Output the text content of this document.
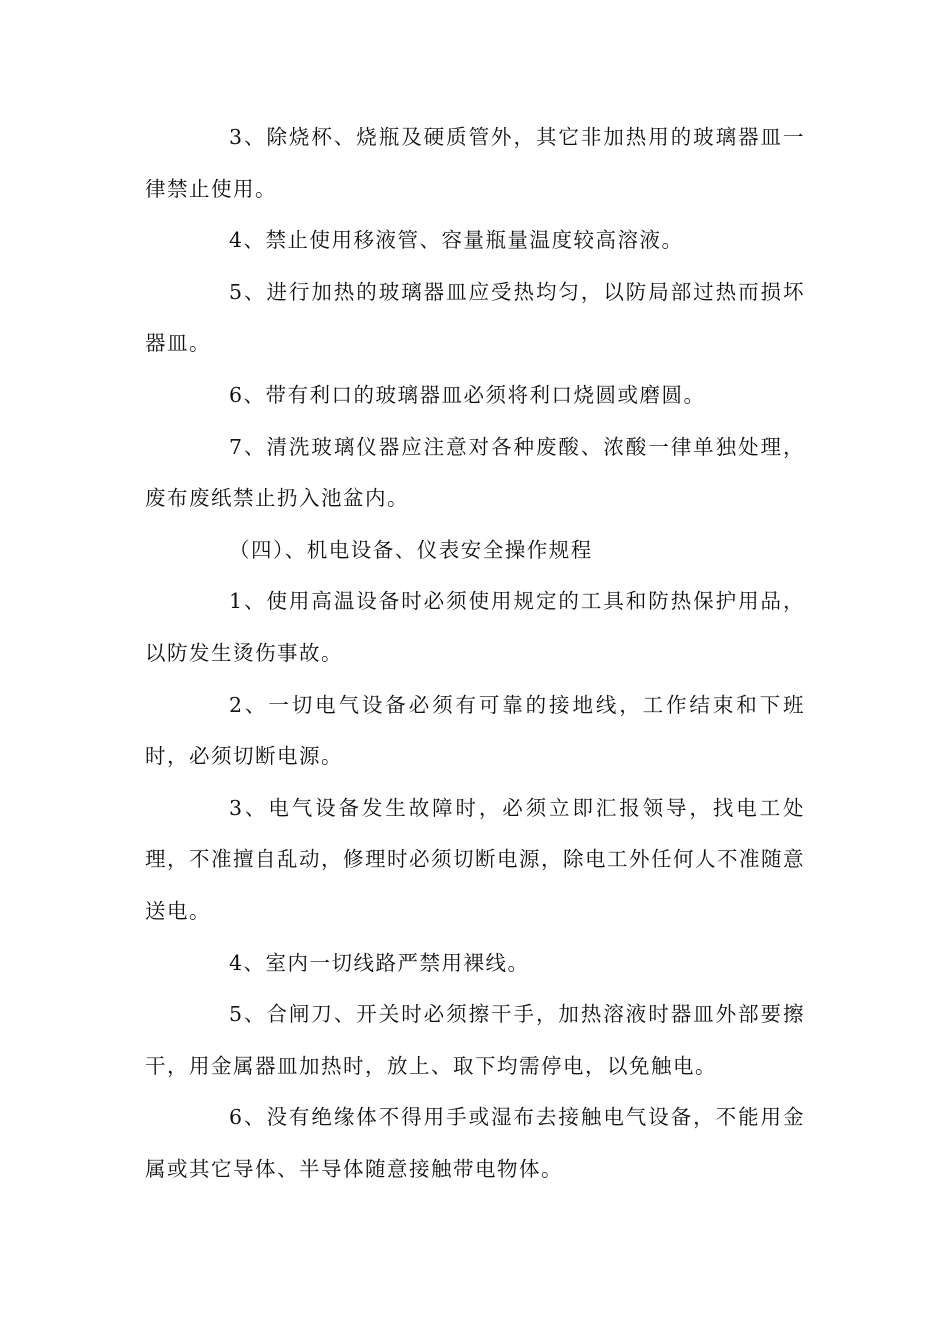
3、除烧杯、烧瓶及硬质管外，其它非加热用的玻璃器皿一律禁止使用。

4、禁止使用移液管、容量瓶量温度较高溶液。

5、进行加热的玻璃器皿应受热均匀，以防局部过热而损坏器皿。

6、带有利口的玻璃器皿必须将利口烧圆或磨圆。

7、清洗玻璃仪器应注意对各种废酸、浓酸一律单独处理，废布废纸禁止扔入池盆内。

（四）、机电设备、仪表安全操作规程

1、使用高温设备时必须使用规定的工具和防热保护用品，以防发生烫伤事故。

2、一切电气设备必须有可靠的接地线，工作结束和下班时，必须切断电源。

3、电气设备发生故障时，必须立即汇报领导，找电工处理，不准擅自乱动，修理时必须切断电源，除电工外任何人不准随意送电。

4、室内一切线路严禁用裸线。

5、合闸刀、开关时必须擦干手，加热溶液时器皿外部要擦干，用金属器皿加热时，放上、取下均需停电，以免触电。

6、没有绝缘体不得用手或湿布去接触电气设备，不能用金属或其它导体、半导体随意接触带电物体。
